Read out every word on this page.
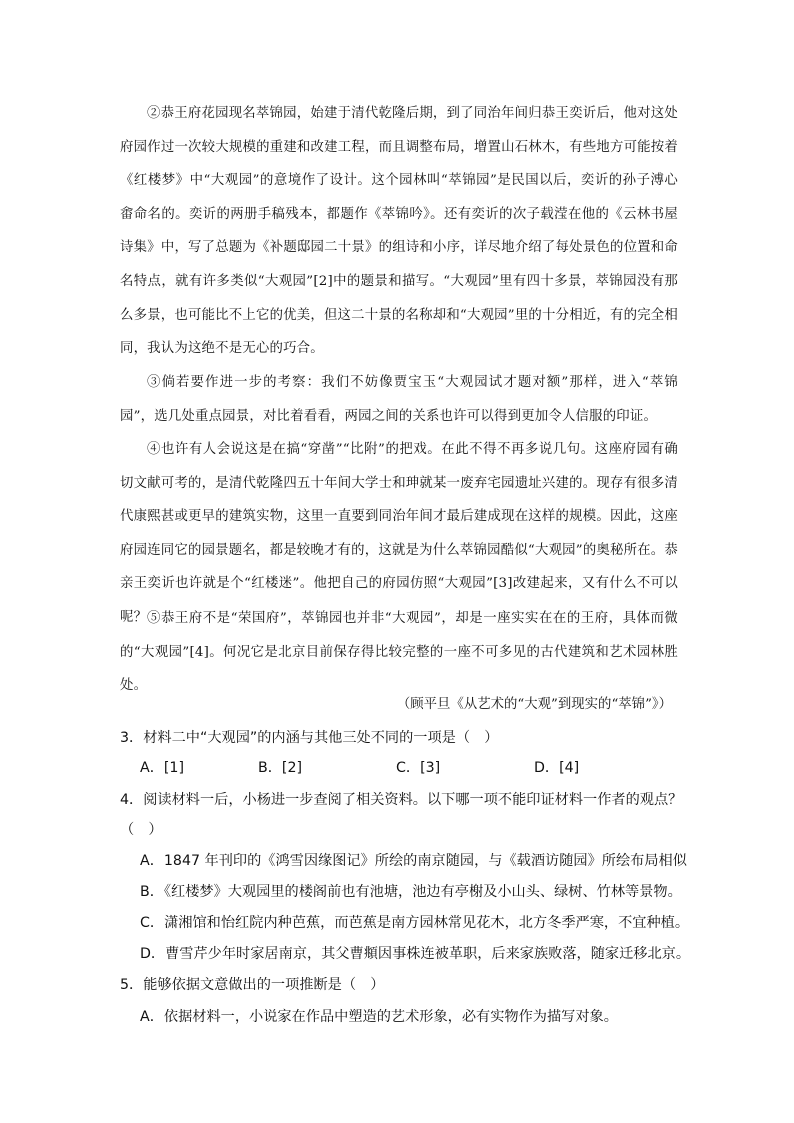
②恭王府花园现名萃锦园，始建于清代乾隆后期，到了同治年间归恭王奕䜣后，他对这处府园作过一次较大规模的重建和改建工程，而且调整布局，增置山石林木，有些地方可能按着《红楼梦》中“大观园”的意境作了设计。这个园林叫“萃锦园”是民国以后，奕䜣的孙子溥心畬命名的。奕䜣的两册手稿残本，都题作《萃锦吟》。还有奕䜣的次子载滢在他的《云林书屋诗集》中，写了总题为《补题邸园二十景》的组诗和小序，详尽地介绍了每处景色的位置和命名特点，就有许多类似“大观园”[2]中的题景和描写。“大观园”里有四十多景，萃锦园没有那么多景，也可能比不上它的优美，但这二十景的名称却和“大观园”里的十分相近，有的完全相同，我认为这绝不是无心的巧合。

③倘若要作进一步的考察：我们不妨像贾宝玉“大观园试才题对额”那样，进入“萃锦园”，选几处重点园景，对比着看看，两园之间的关系也许可以得到更加令人信服的印证。

④也许有人会说这是在搞“穿凿”“比附”的把戏。在此不得不再多说几句。这座府园有确切文献可考的，是清代乾隆四五十年间大学士和珅就某一废弃宅园遗址兴建的。现存有很多清代康熙甚或更早的建筑实物，这里一直要到同治年间才最后建成现在这样的规模。因此，这座府园连同它的园景题名，都是较晚才有的，这就是为什么萃锦园酷似“大观园”的奥秘所在。恭亲王奕䜣也许就是个“红楼迷”。他把自己的府园仿照“大观园”[3]改建起来，又有什么不可以呢？ ⑤恭王府不是“荣国府”，萃锦园也并非“大观园”，却是一座实实在在的王府，具体而微的“大观园”[4]。何况它是北京目前保存得比较完整的一座不可多见的古代建筑和艺术园林胜处。

（顾平旦《从艺术的“大观”到现实的“萃锦”》）

3．材料二中“大观园”的内涵与其他三处不同的一项是（　）

A．[1]	B．[2]	C．[3]	D．[4]

4．阅读材料一后，小杨进一步查阅了相关资料。以下哪一项不能印证材料一作者的观点？（　）

A．1847 年刊印的《鸿雪因缘图记》所绘的南京随园，与《载酒访随园》所绘布局相似

B．《红楼梦》大观园里的楼阁前也有池塘，池边有亭榭及小山头、绿树、竹林等景物。

C．潇湘馆和怡红院内种芭蕉，而芭蕉是南方园林常见花木，北方冬季严寒，不宜种植。

D．曹雪芹少年时家居南京，其父曹頫因事株连被革职，后来家族败落，随家迁移北京。

5．能够依据文意做出的一项推断是（　）

A．依据材料一，小说家在作品中塑造的艺术形象，必有实物作为描写对象。
